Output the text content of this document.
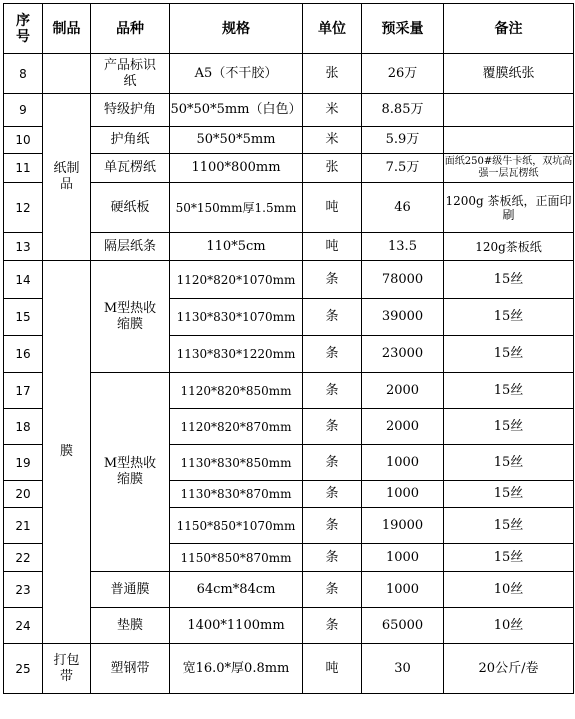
序号	制品	品种	规格	单位	预采量	备注
8		产品标识纸	A5（不干胶）	张	26万	覆膜纸张
9	纸制品	特级护角	50*50*5mm（白色）	米	8.85万	
10		护角纸	50*50*5mm	米	5.9万	
11		单瓦楞纸	1100*800mm	张	7.5万	面纸250#级牛卡纸，双坑高强一层瓦楞纸
12		硬纸板	50*150mm厚1.5mm	吨	46	1200g 茶板纸，正面印刷
13		隔层纸条	110*5cm	吨	13.5	120g茶板纸
14	膜	M型热收缩膜	1120*820*1070mm	条	78000	15丝
15			1130*830*1070mm	条	39000	15丝
16			1130*830*1220mm	条	23000	15丝
17		M型热收缩膜	1120*820*850mm	条	2000	15丝
18			1120*820*870mm	条	2000	15丝
19			1130*830*850mm	条	1000	15丝
20			1130*830*870mm	条	1000	15丝
21			1150*850*1070mm	条	19000	15丝
22			1150*850*870mm	条	1000	15丝
23		普通膜	64cm*84cm	条	1000	10丝
24		垫膜	1400*1100mm	条	65000	10丝
25	打包带	塑钢带	宽16.0*厚0.8mm	吨	30	20公斤/卷
